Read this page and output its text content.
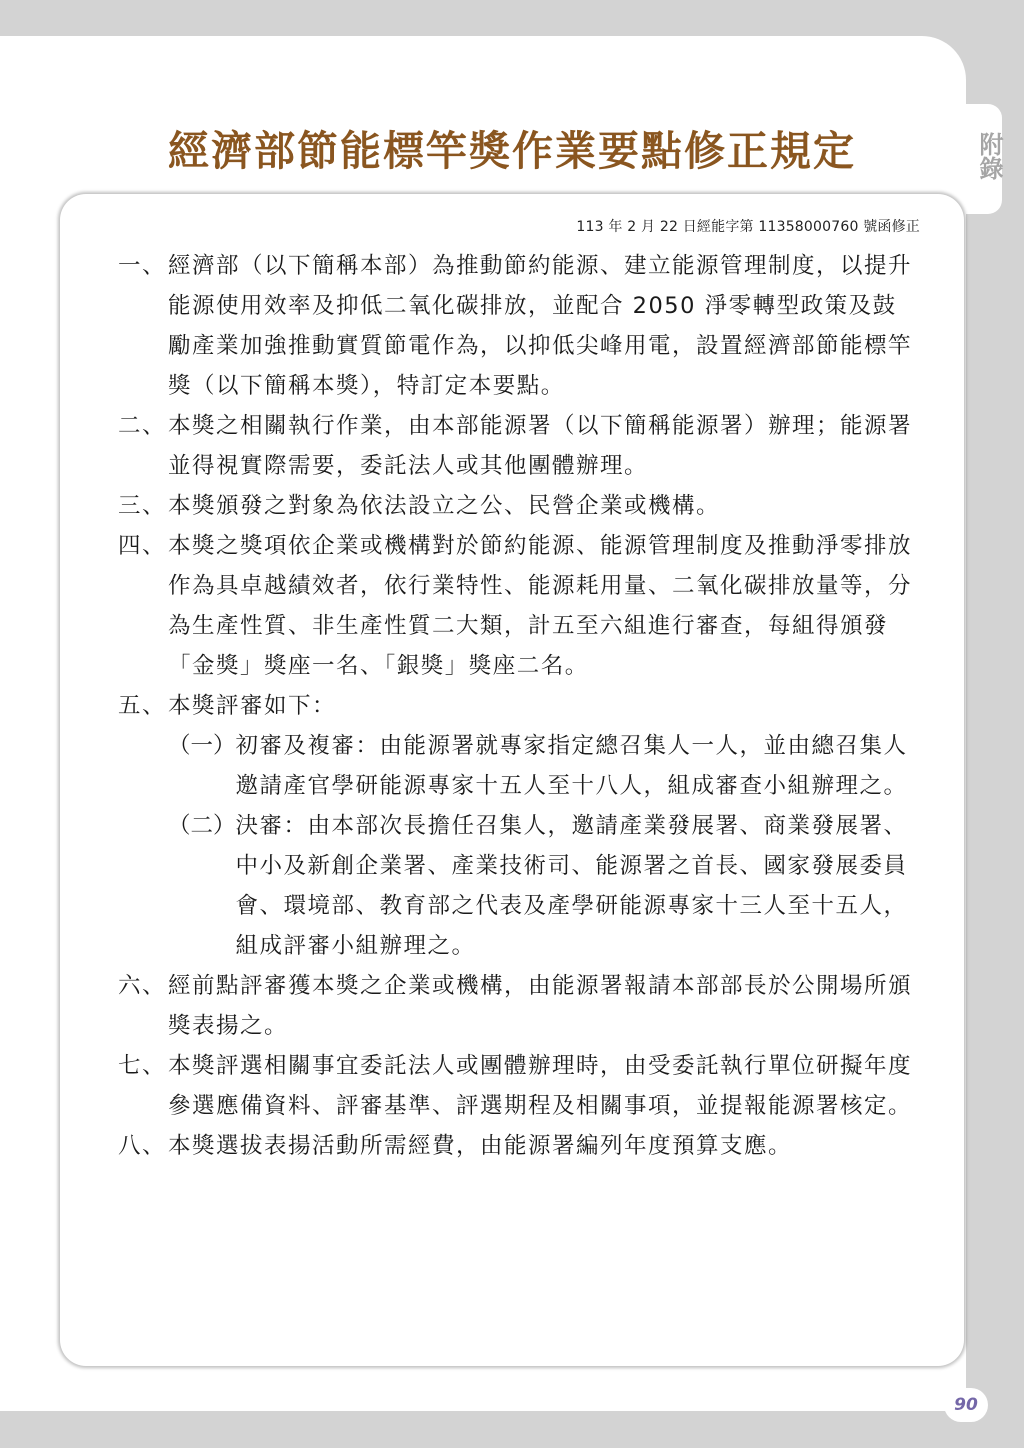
附錄
經濟部節能標竿獎作業要點修正規定
113 年 2 月 22 日經能字第 11358000760 號函修正
一、 經濟部（以下簡稱本部）為推動節約能源、建立能源管理制度，以提升能源使用效率及抑低二氧化碳排放，並配合 2050 淨零轉型政策及鼓勵產業加強推動實質節電作為，以抑低尖峰用電，設置經濟部節能標竿獎（以下簡稱本獎），特訂定本要點。
二、 本獎之相關執行作業，由本部能源署（以下簡稱能源署）辦理；能源署並得視實際需要，委託法人或其他團體辦理。
三、 本獎頒發之對象為依法設立之公、民營企業或機構。
四、 本獎之獎項依企業或機構對於節約能源、能源管理制度及推動淨零排放作為具卓越績效者，依行業特性、能源耗用量、二氧化碳排放量等，分為生產性質、非生產性質二大類，計五至六組進行審查，每組得頒發「金獎」獎座一名、「銀獎」獎座二名。
五、 本獎評審如下：
（一） 初審及複審：由能源署就專家指定總召集人一人，並由總召集人邀請產官學研能源專家十五人至十八人，組成審查小組辦理之。
（二） 決審：由本部次長擔任召集人，邀請產業發展署、商業發展署、中小及新創企業署、產業技術司、能源署之首長、國家發展委員會、環境部、教育部之代表及產學研能源專家十三人至十五人，組成評審小組辦理之。
六、 經前點評審獲本獎之企業或機構，由能源署報請本部部長於公開場所頒獎表揚之。
七、 本獎評選相關事宜委託法人或團體辦理時，由受委託執行單位研擬年度參選應備資料、評審基準、評選期程及相關事項，並提報能源署核定。
八、 本獎選拔表揚活動所需經費，由能源署編列年度預算支應。
90
